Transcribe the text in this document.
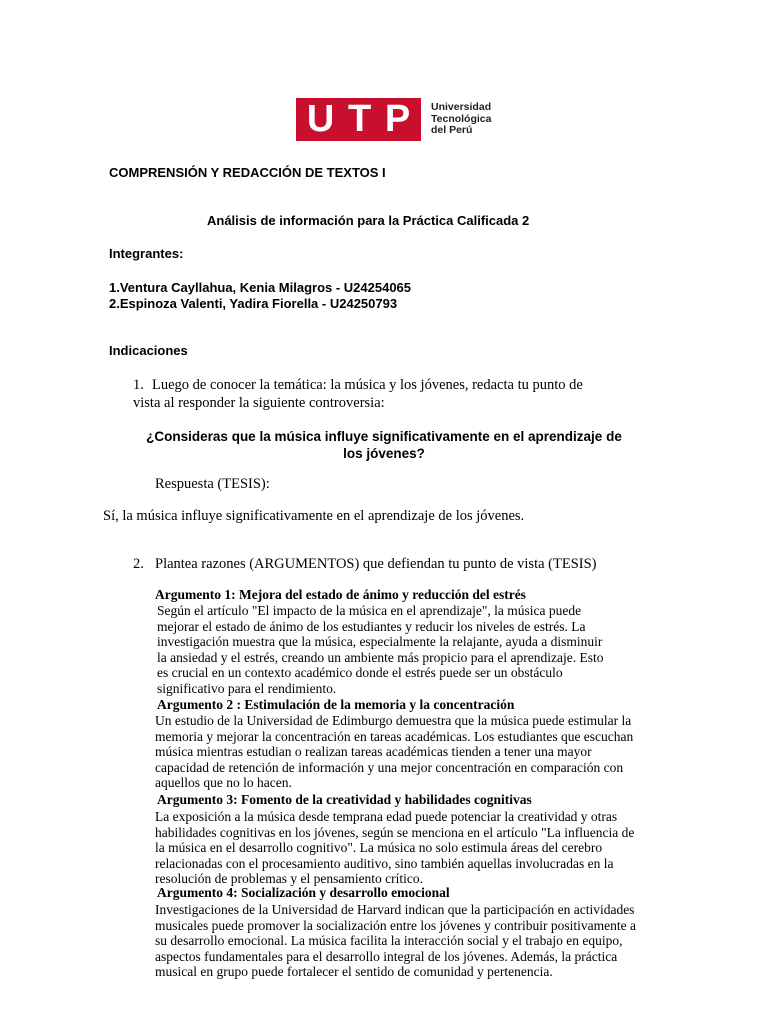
U T P Universidad
Tecnológica
del Perú
COMPRENSIÓN Y REDACCIÓN DE TEXTOS I
Análisis de información para la Práctica Calificada 2
Integrantes:
1.Ventura Cayllahua, Kenia Milagros - U24254065
2.Espinoza Valenti, Yadira Fiorella - U24250793
Indicaciones
1. Luego de conocer la temática: la música y los jóvenes, redacta tu punto de
vista al responder la siguiente controversia:
¿Consideras que la música influye significativamente en el aprendizaje de
los jóvenes?
Respuesta (TESIS):
Sí, la música influye significativamente en el aprendizaje de los jóvenes.
2. Plantea razones (ARGUMENTOS) que defiendan tu punto de vista (TESIS)
Argumento 1: Mejora del estado de ánimo y reducción del estrés
Según el artículo "El impacto de la música en el aprendizaje", la música puede
mejorar el estado de ánimo de los estudiantes y reducir los niveles de estrés. La
investigación muestra que la música, especialmente la relajante, ayuda a disminuir
la ansiedad y el estrés, creando un ambiente más propicio para el aprendizaje. Esto
es crucial en un contexto académico donde el estrés puede ser un obstáculo
significativo para el rendimiento.
Argumento 2 : Estimulación de la memoria y la concentración
Un estudio de la Universidad de Edimburgo demuestra que la música puede estimular la
memoria y mejorar la concentración en tareas académicas. Los estudiantes que escuchan
música mientras estudian o realizan tareas académicas tienden a tener una mayor
capacidad de retención de información y una mejor concentración en comparación con
aquellos que no lo hacen.
Argumento 3: Fomento de la creatividad y habilidades cognitivas
La exposición a la música desde temprana edad puede potenciar la creatividad y otras
habilidades cognitivas en los jóvenes, según se menciona en el artículo "La influencia de
la música en el desarrollo cognitivo". La música no solo estimula áreas del cerebro
relacionadas con el procesamiento auditivo, sino también aquellas involucradas en la
resolución de problemas y el pensamiento crítico.
Argumento 4: Socialización y desarrollo emocional
Investigaciones de la Universidad de Harvard indican que la participación en actividades
musicales puede promover la socialización entre los jóvenes y contribuir positivamente a
su desarrollo emocional. La música facilita la interacción social y el trabajo en equipo,
aspectos fundamentales para el desarrollo integral de los jóvenes. Además, la práctica
musical en grupo puede fortalecer el sentido de comunidad y pertenencia.
